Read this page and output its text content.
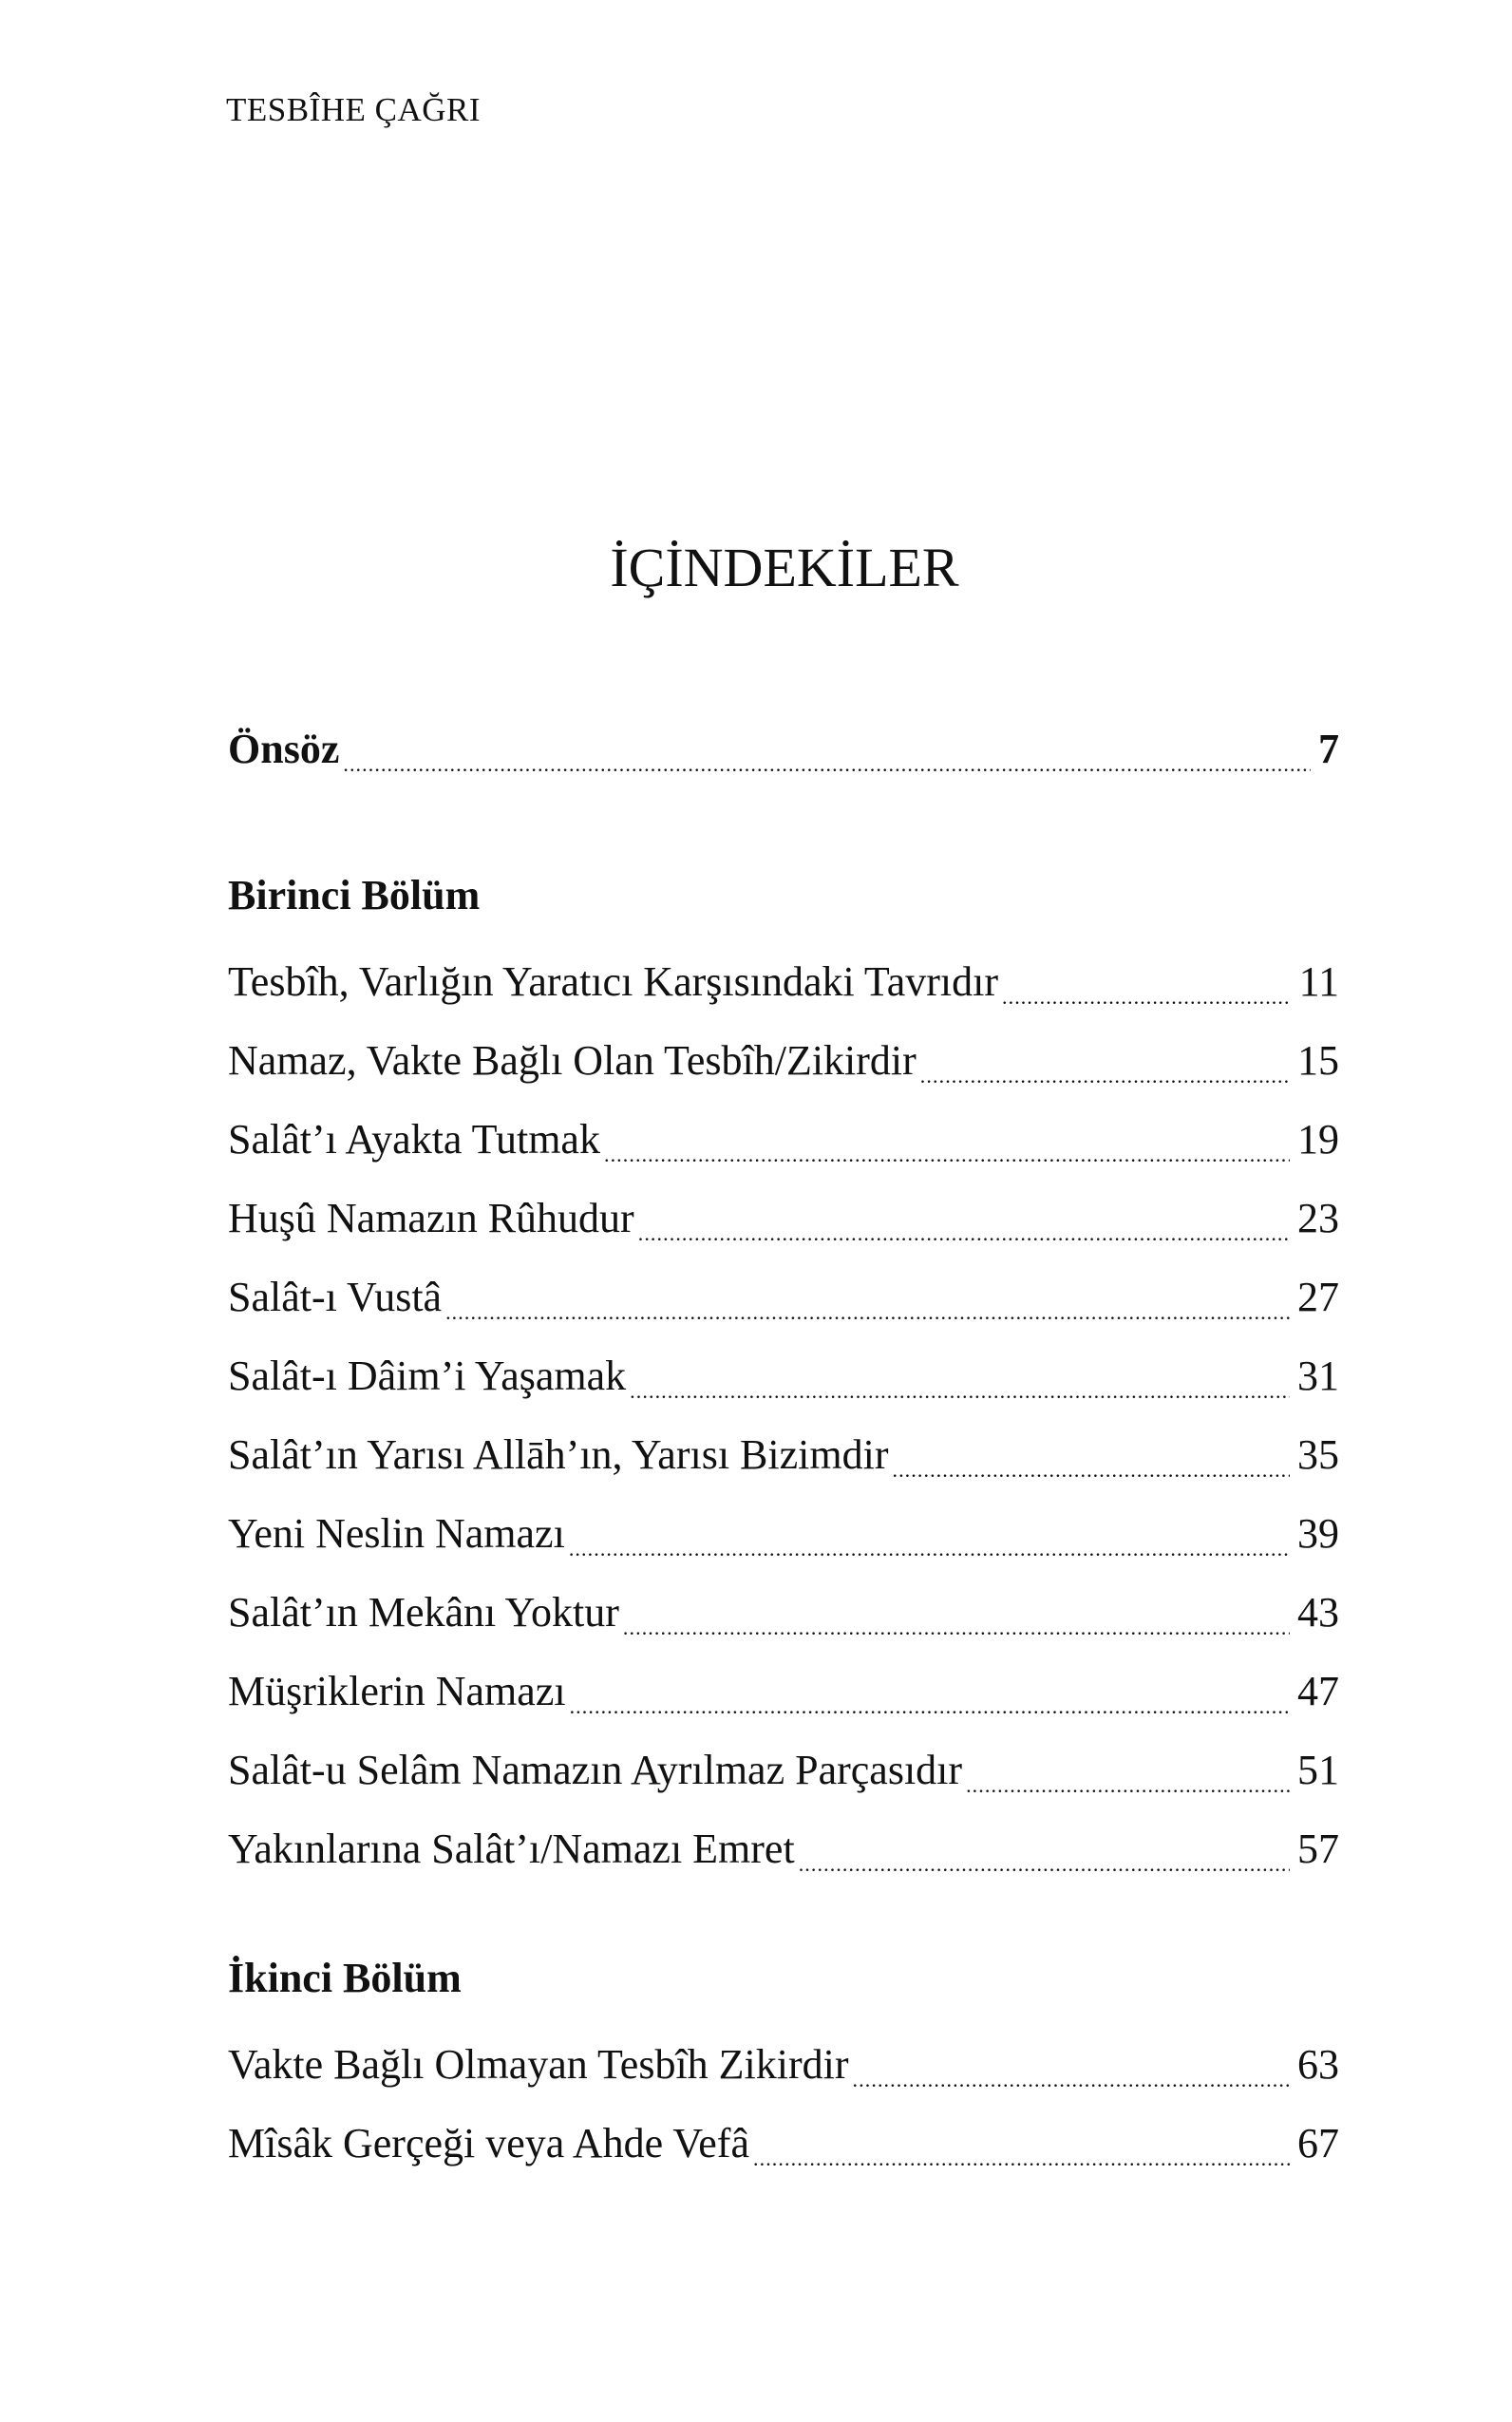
TESBÎHE ÇAĞRI
İÇİNDEKİLER
Önsöz . . .	7
Birinci Bölüm
Tesbîh, Varlığın Yaratıcı Karşısındaki Tavrıdır . . .	11
Namaz, Vakte Bağlı Olan Tesbîh/Zikirdir . . .	15
Salât’ı Ayakta Tutmak . . .	19
Huşû Namazın Rûhudur . . .	23
Salât-ı Vustâ . . .	27
Salât-ı Dâim’i Yaşamak . . .	31
Salât’ın Yarısı Allāh’ın, Yarısı Bizimdir . . .	35
Yeni Neslin Namazı . . .	39
Salât’ın Mekânı Yoktur . . .	43
Müşriklerin Namazı . . .	47
Salât-u Selâm Namazın Ayrılmaz Parçasıdır . . .	51
Yakınlarına Salât’ı/Namazı Emret . . .	57
İkinci Bölüm
Vakte Bağlı Olmayan Tesbîh Zikirdir . . .	63
Mîsâk Gerçeği veya Ahde Vefâ . . .	67
